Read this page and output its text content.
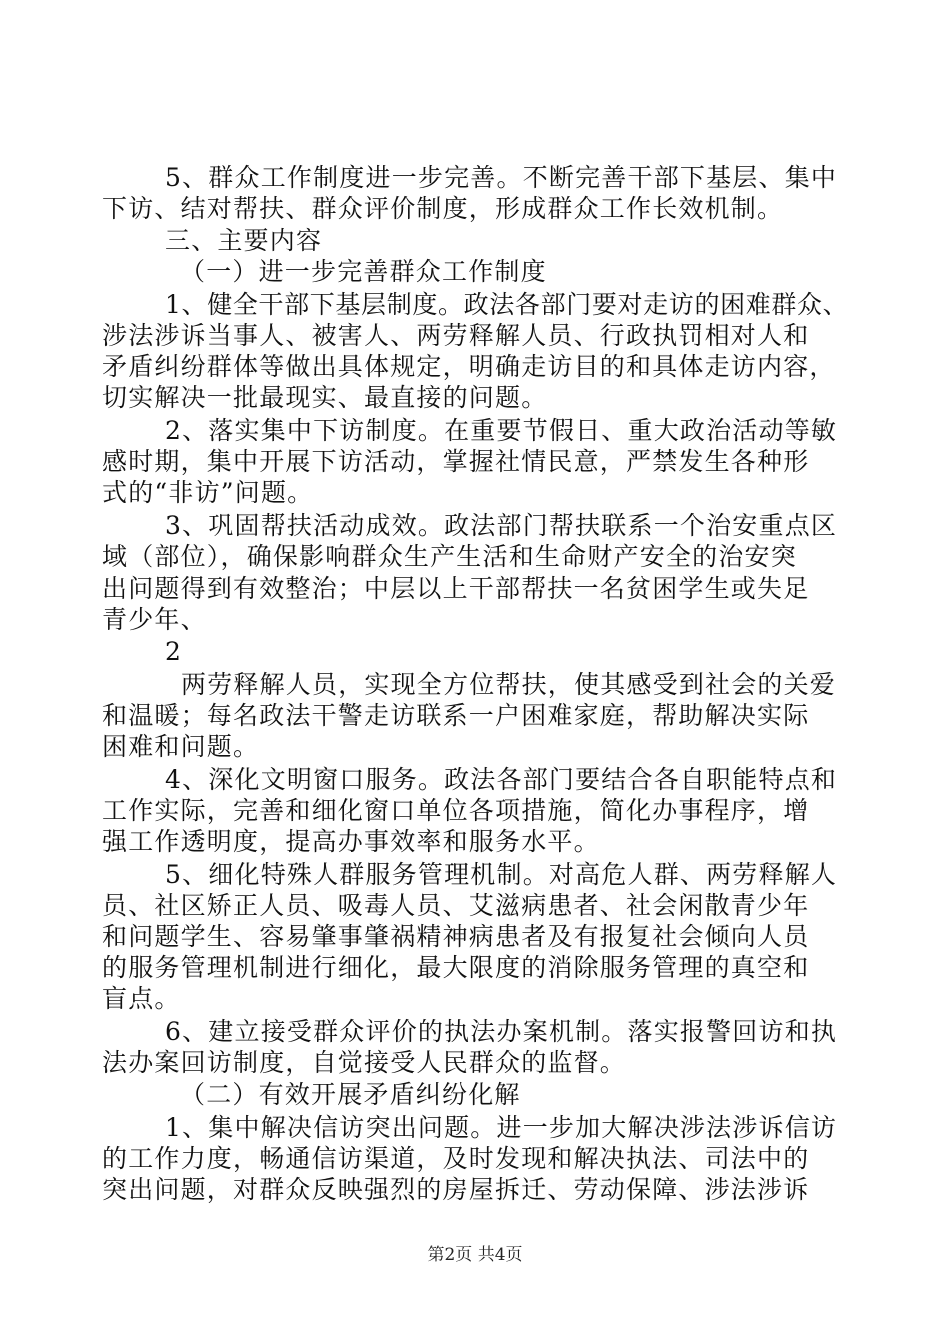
5、群众工作制度进一步完善。不断完善干部下基层、集中
下访、结对帮扶、群众评价制度，形成群众工作长效机制。
三、主要内容
（一）进一步完善群众工作制度
1、健全干部下基层制度。政法各部门要对走访的困难群众、
涉法涉诉当事人、被害人、两劳释解人员、行政执罚相对人和
矛盾纠纷群体等做出具体规定，明确走访目的和具体走访内容，
切实解决一批最现实、最直接的问题。
2、落实集中下访制度。在重要节假日、重大政治活动等敏
感时期，集中开展下访活动，掌握社情民意，严禁发生各种形
式的“非访”问题。
3、巩固帮扶活动成效。政法部门帮扶联系一个治安重点区
域（部位），确保影响群众生产生活和生命财产安全的治安突
出问题得到有效整治；中层以上干部帮扶一名贫困学生或失足
青少年、
2
两劳释解人员，实现全方位帮扶，使其感受到社会的关爱
和温暖；每名政法干警走访联系一户困难家庭，帮助解决实际
困难和问题。
4、深化文明窗口服务。政法各部门要结合各自职能特点和
工作实际，完善和细化窗口单位各项措施，简化办事程序，增
强工作透明度，提高办事效率和服务水平。
5、细化特殊人群服务管理机制。对高危人群、两劳释解人
员、社区矫正人员、吸毒人员、艾滋病患者、社会闲散青少年
和问题学生、容易肇事肇祸精神病患者及有报复社会倾向人员
的服务管理机制进行细化，最大限度的消除服务管理的真空和
盲点。
6、建立接受群众评价的执法办案机制。落实报警回访和执
法办案回访制度，自觉接受人民群众的监督。
（二）有效开展矛盾纠纷化解
1、集中解决信访突出问题。进一步加大解决涉法涉诉信访
的工作力度，畅通信访渠道，及时发现和解决执法、司法中的
突出问题，对群众反映强烈的房屋拆迁、劳动保障、涉法涉诉
第2页 共4页
